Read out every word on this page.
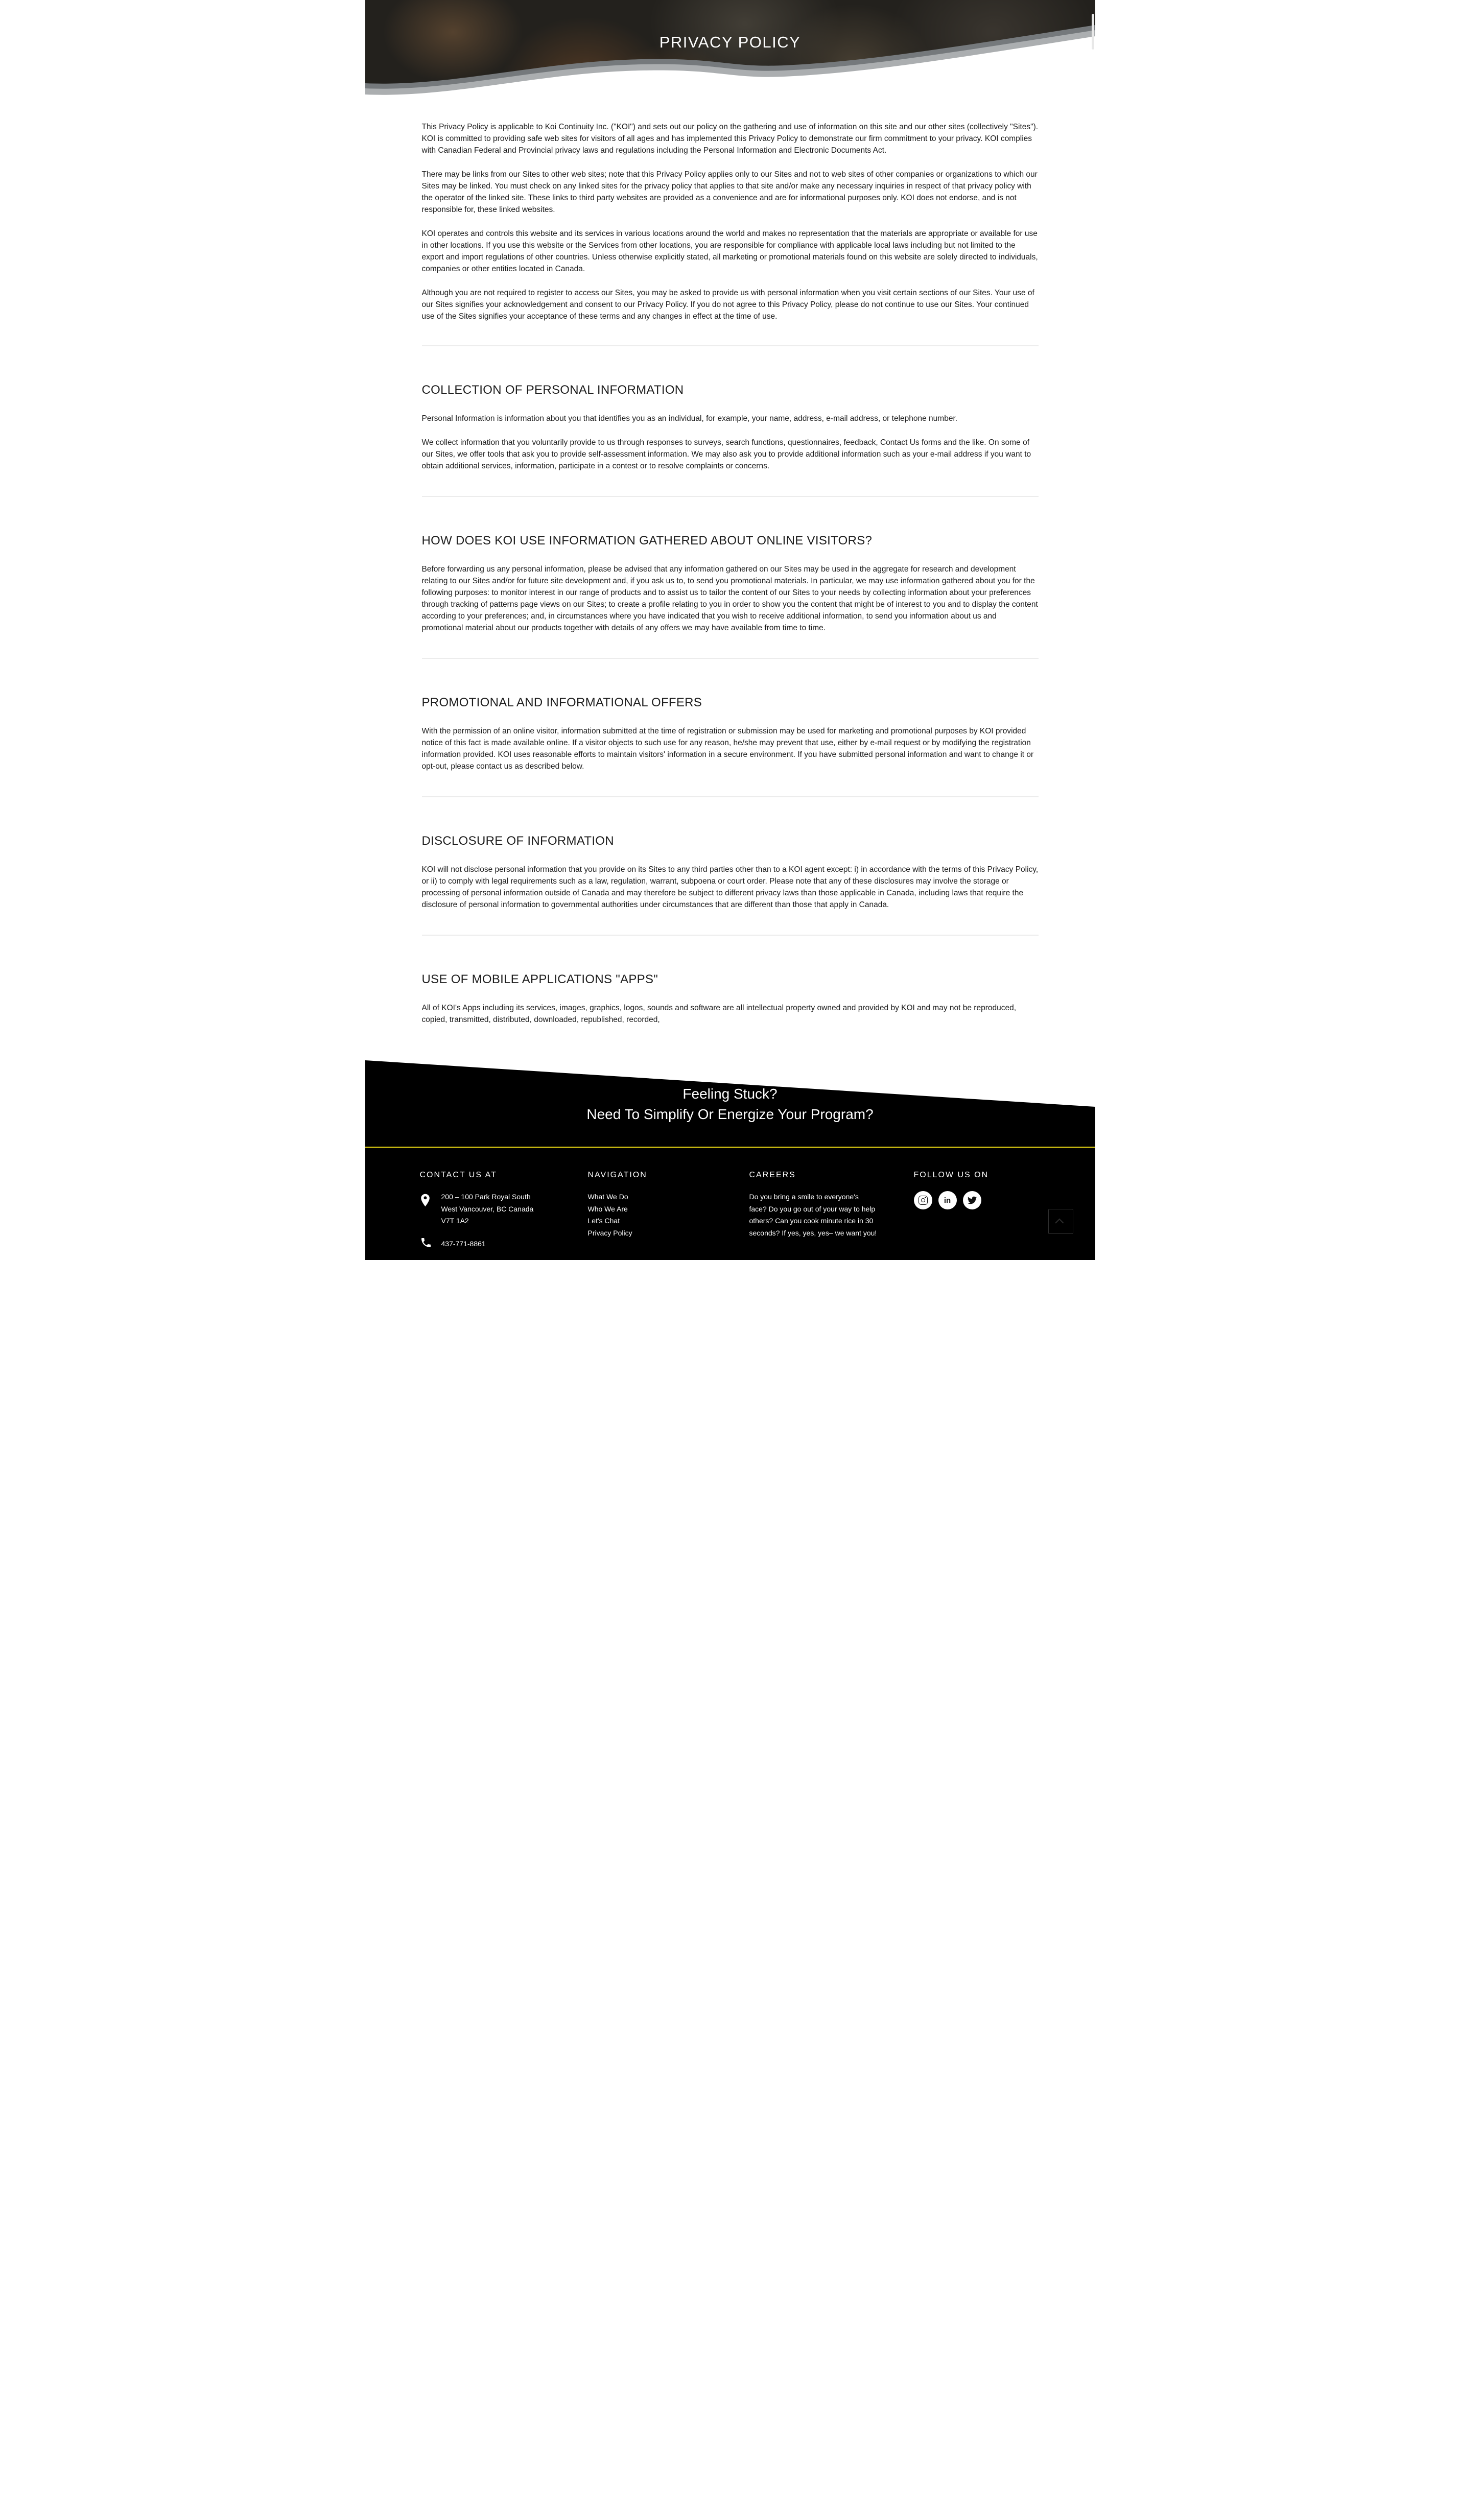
PRIVACY POLICY

This Privacy Policy is applicable to Koi Continuity Inc. ("KOI") and sets out our policy on the gathering and use of information on this site and our other sites (collectively "Sites"). KOI is committed to providing safe web sites for visitors of all ages and has implemented this Privacy Policy to demonstrate our firm commitment to your privacy. KOI complies with Canadian Federal and Provincial privacy laws and regulations including the Personal Information and Electronic Documents Act.

There may be links from our Sites to other web sites; note that this Privacy Policy applies only to our Sites and not to web sites of other companies or organizations to which our Sites may be linked. You must check on any linked sites for the privacy policy that applies to that site and/or make any necessary inquiries in respect of that privacy policy with the operator of the linked site. These links to third party websites are provided as a convenience and are for informational purposes only. KOI does not endorse, and is not responsible for, these linked websites.

KOI operates and controls this website and its services in various locations around the world and makes no representation that the materials are appropriate or available for use in other locations. If you use this website or the Services from other locations, you are responsible for compliance with applicable local laws including but not limited to the export and import regulations of other countries. Unless otherwise explicitly stated, all marketing or promotional materials found on this website are solely directed to individuals, companies or other entities located in Canada.

Although you are not required to register to access our Sites, you may be asked to provide us with personal information when you visit certain sections of our Sites. Your use of our Sites signifies your acknowledgement and consent to our Privacy Policy. If you do not agree to this Privacy Policy, please do not continue to use our Sites. Your continued use of the Sites signifies your acceptance of these terms and any changes in effect at the time of use.

COLLECTION OF PERSONAL INFORMATION

Personal Information is information about you that identifies you as an individual, for example, your name, address, e-mail address, or telephone number.

We collect information that you voluntarily provide to us through responses to surveys, search functions, questionnaires, feedback, Contact Us forms and the like. On some of our Sites, we offer tools that ask you to provide self-assessment information. We may also ask you to provide additional information such as your e-mail address if you want to obtain additional services, information, participate in a contest or to resolve complaints or concerns.

HOW DOES KOI USE INFORMATION GATHERED ABOUT ONLINE VISITORS?

Before forwarding us any personal information, please be advised that any information gathered on our Sites may be used in the aggregate for research and development relating to our Sites and/or for future site development and, if you ask us to, to send you promotional materials. In particular, we may use information gathered about you for the following purposes: to monitor interest in our range of products and to assist us to tailor the content of our Sites to your needs by collecting information about your preferences through tracking of patterns page views on our Sites; to create a profile relating to you in order to show you the content that might be of interest to you and to display the content according to your preferences; and, in circumstances where you have indicated that you wish to receive additional information, to send you information about us and promotional material about our products together with details of any offers we may have available from time to time.

PROMOTIONAL AND INFORMATIONAL OFFERS

With the permission of an online visitor, information submitted at the time of registration or submission may be used for marketing and promotional purposes by KOI provided notice of this fact is made available online. If a visitor objects to such use for any reason, he/she may prevent that use, either by e-mail request or by modifying the registration information provided. KOI uses reasonable efforts to maintain visitors' information in a secure environment. If you have submitted personal information and want to change it or opt-out, please contact us as described below.

DISCLOSURE OF INFORMATION

KOI will not disclose personal information that you provide on its Sites to any third parties other than to a KOI agent except: i) in accordance with the terms of this Privacy Policy, or ii) to comply with legal requirements such as a law, regulation, warrant, subpoena or court order. Please note that any of these disclosures may involve the storage or processing of personal information outside of Canada and may therefore be subject to different privacy laws than those applicable in Canada, including laws that require the disclosure of personal information to governmental authorities under circumstances that are different than those that apply in Canada.

USE OF MOBILE APPLICATIONS "APPS"

All of KOI's Apps including its services, images, graphics, logos, sounds and software are all intellectual property owned and provided by KOI and may not be reproduced, copied, transmitted, distributed, downloaded, republished, recorded,

Feeling Stuck?
Need To Simplify Or Energize Your Program?
CONTACT US AT
200 – 100 Park Royal South
West Vancouver, BC Canada
V7T 1A2
437-771-8861
NAVIGATION
What We Do
Who We Are
Let's Chat
Privacy Policy
CAREERS
Do you bring a smile to everyone's face? Do you go out of your way to help others? Can you cook minute rice in 30 seconds? If yes, yes, yes– we want you!
FOLLOW US ON
in
